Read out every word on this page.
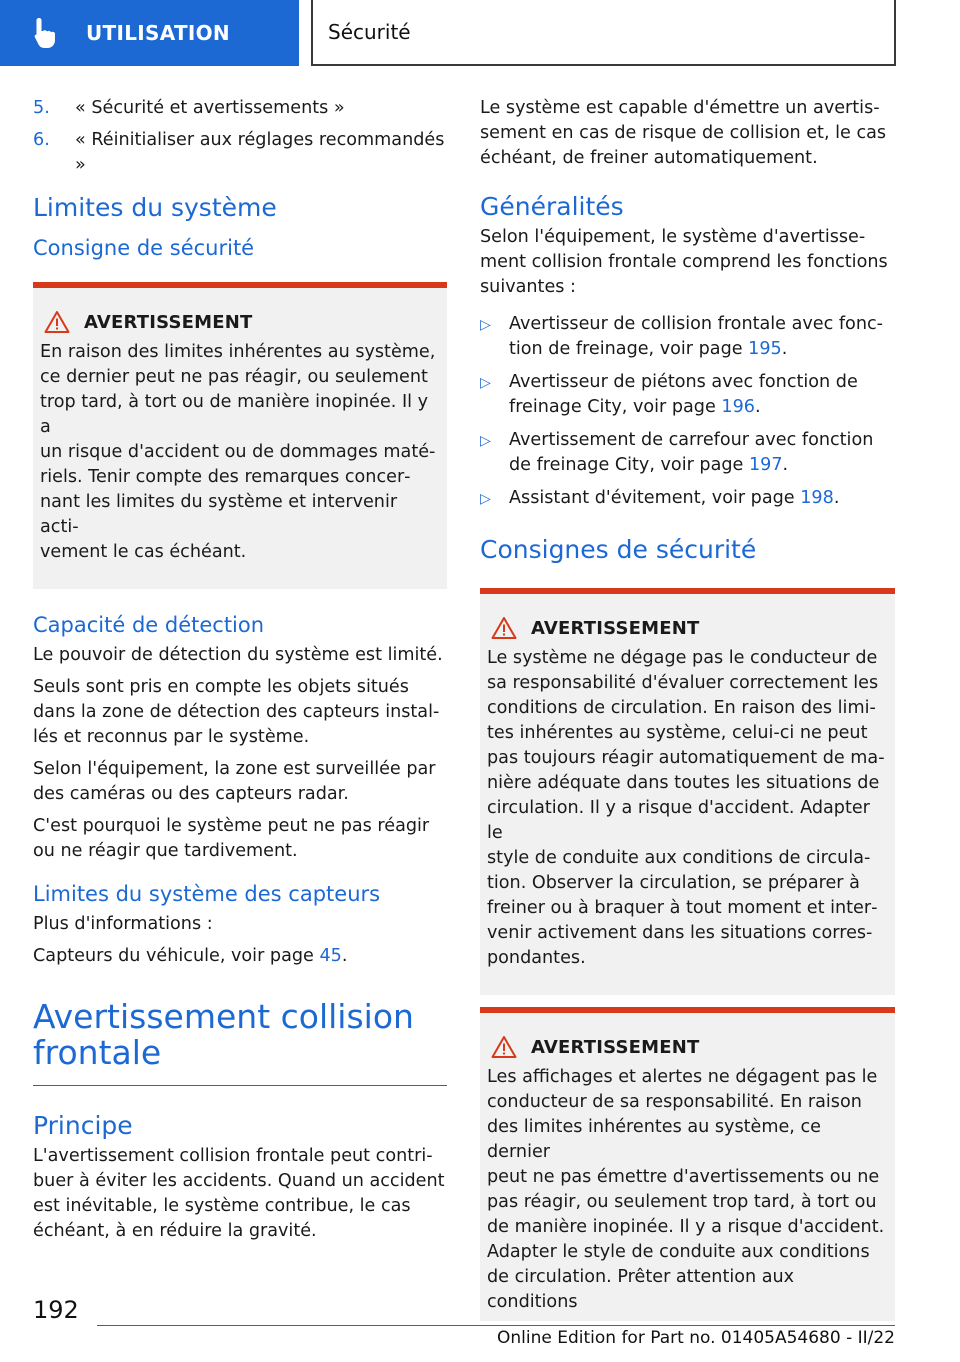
UTILISATION	Sécurité
5.	« Sécurité et avertissements »
6.	« Réinitialiser aux réglages recommandés »
Limites du système
Consigne de sécurité
AVERTISSEMENT
En raison des limites inhérentes au système,
ce dernier peut ne pas réagir, ou seulement
trop tard, à tort ou de manière inopinée. Il y a
un risque d'accident ou de dommages maté‐
riels. Tenir compte des remarques concer‐
nant les limites du système et intervenir acti‐
vement le cas échéant.
Capacité de détection
Le pouvoir de détection du système est limité.
Seuls sont pris en compte les objets situés
dans la zone de détection des capteurs instal‐
lés et reconnus par le système.
Selon l'équipement, la zone est surveillée par
des caméras ou des capteurs radar.
C'est pourquoi le système peut ne pas réagir
ou ne réagir que tardivement.
Limites du système des capteurs
Plus d'informations :
Capteurs du véhicule, voir page 45.
Avertissement collision
frontale
Principe
L'avertissement collision frontale peut contri‐
buer à éviter les accidents. Quand un accident
est inévitable, le système contribue, le cas
échéant, à en réduire la gravité.
Le système est capable d'émettre un avertis‐
sement en cas de risque de collision et, le cas
échéant, de freiner automatiquement.
Généralités
Selon l'équipement, le système d'avertisse‐
ment collision frontale comprend les fonctions
suivantes :
▷	Avertisseur de collision frontale avec fonc‐
tion de freinage, voir page 195.
▷	Avertisseur de piétons avec fonction de
freinage City, voir page 196.
▷	Avertissement de carrefour avec fonction
de freinage City, voir page 197.
▷	Assistant d'évitement, voir page 198.
Consignes de sécurité
AVERTISSEMENT
Le système ne dégage pas le conducteur de
sa responsabilité d'évaluer correctement les
conditions de circulation. En raison des limi‐
tes inhérentes au système, celui-ci ne peut
pas toujours réagir automatiquement de ma‐
nière adéquate dans toutes les situations de
circulation. Il y a risque d'accident. Adapter le
style de conduite aux conditions de circula‐
tion. Observer la circulation, se préparer à
freiner ou à braquer à tout moment et inter‐
venir activement dans les situations corres‐
pondantes.
AVERTISSEMENT
Les affichages et alertes ne dégagent pas le
conducteur de sa responsabilité. En raison
des limites inhérentes au système, ce dernier
peut ne pas émettre d'avertissements ou ne
pas réagir, ou seulement trop tard, à tort ou
de manière inopinée. Il y a risque d'accident.
Adapter le style de conduite aux conditions
de circulation. Prêter attention aux conditions
192
Online Edition for Part no. 01405A54680 - II/22
